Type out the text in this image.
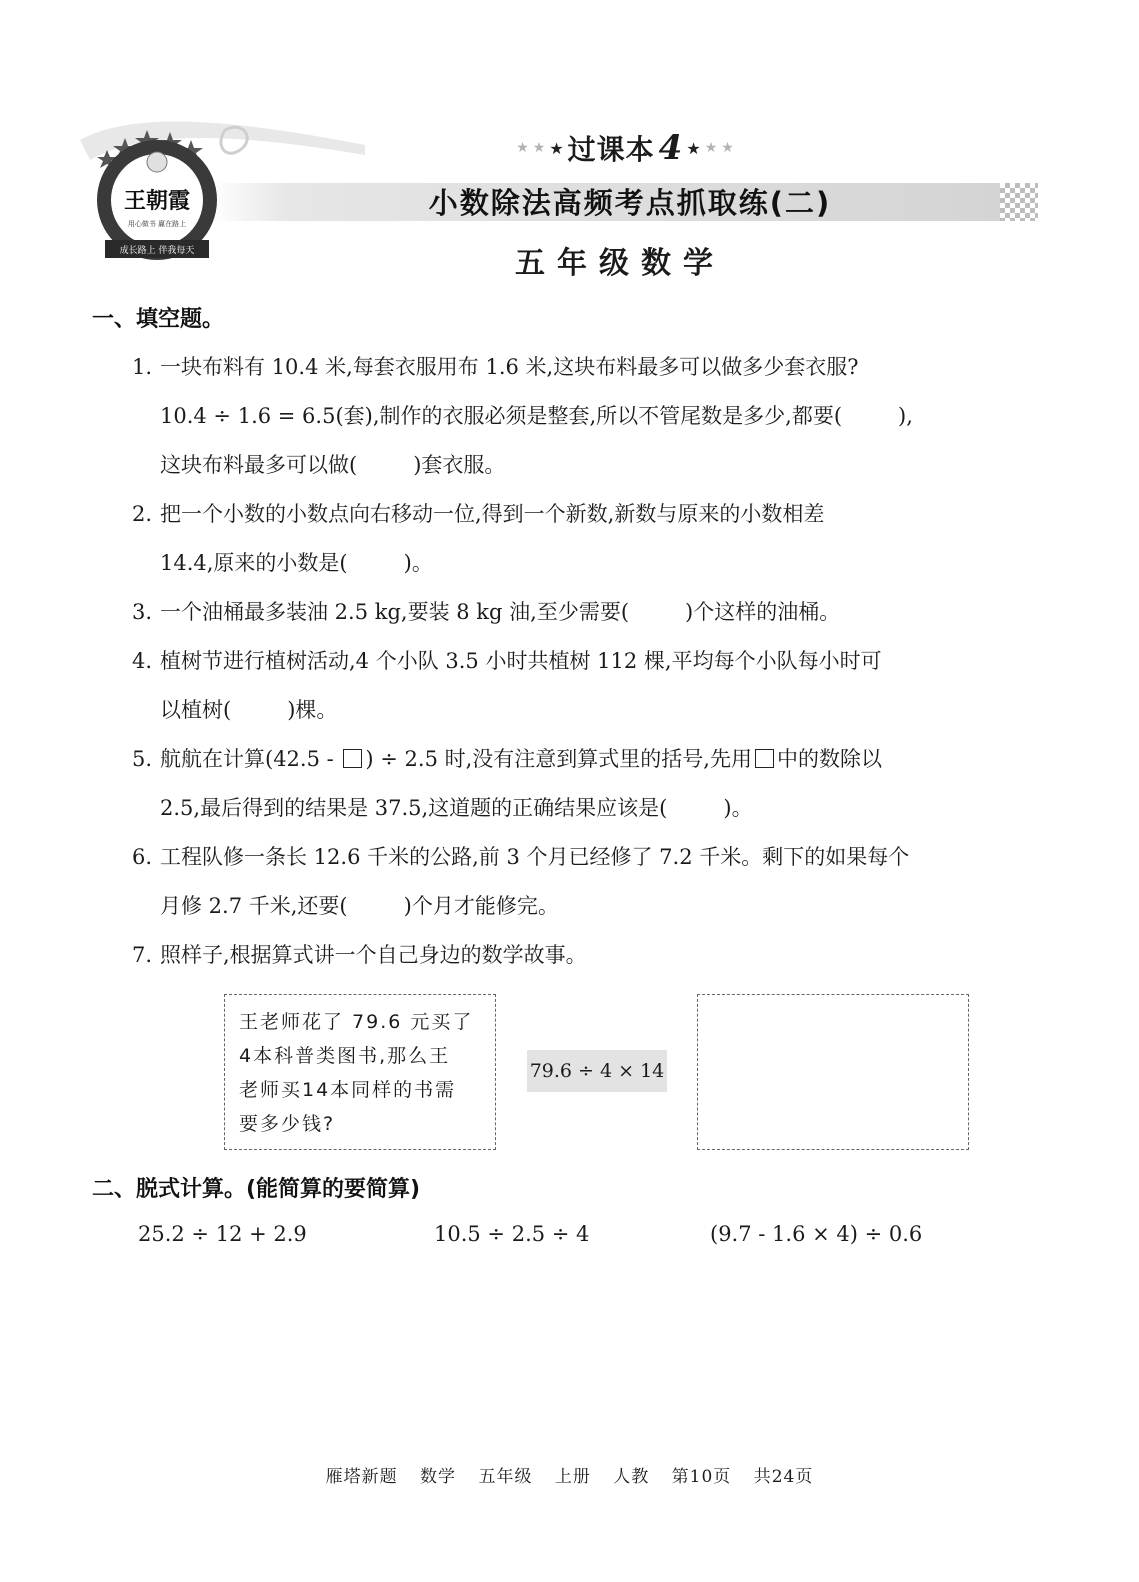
王朝霞
用心做书 赢在路上
成长路上 伴我每天
★ ★ ★ 过课本 4 ★ ★ ★
小数除法高频考点抓取练(二)
五年级数学
一、填空题。
1. 一块布料有 10.4 米,每套衣服用布 1.6 米,这块布料最多可以做多少套衣服?
10.4 ÷ 1.6 = 6.5(套),制作的衣服必须是整套,所以不管尾数是多少,都要(	),
这块布料最多可以做(	)套衣服。
2. 把一个小数的小数点向右移动一位,得到一个新数,新数与原来的小数相差
14.4,原来的小数是(	)。
3. 一个油桶最多装油 2.5 kg,要装 8 kg 油,至少需要(	)个这样的油桶。
4. 植树节进行植树活动,4 个小队 3.5 小时共植树 112 棵,平均每个小队每小时可
以植树(	)棵。
5. 航航在计算(42.5 - ) ÷ 2.5 时,没有注意到算式里的括号,先用 中的数除以
2.5,最后得到的结果是 37.5,这道题的正确结果应该是(	)。
6. 工程队修一条长 12.6 千米的公路,前 3 个月已经修了 7.2 千米。剩下的如果每个
月修 2.7 千米,还要(	)个月才能修完。
7. 照样子,根据算式讲一个自己身边的数学故事。
王老师花了 79.6 元买了
4本科普类图书,那么王
老师买14本同样的书需
要多少钱?
79.6 ÷ 4 × 14
二、脱式计算。(能简算的要简算)
25.2 ÷ 12 + 2.9	10.5 ÷ 2.5 ÷ 4	(9.7 - 1.6 × 4) ÷ 0.6
雁塔新题 数学 五年级 上册 人教 第10页 共24页
